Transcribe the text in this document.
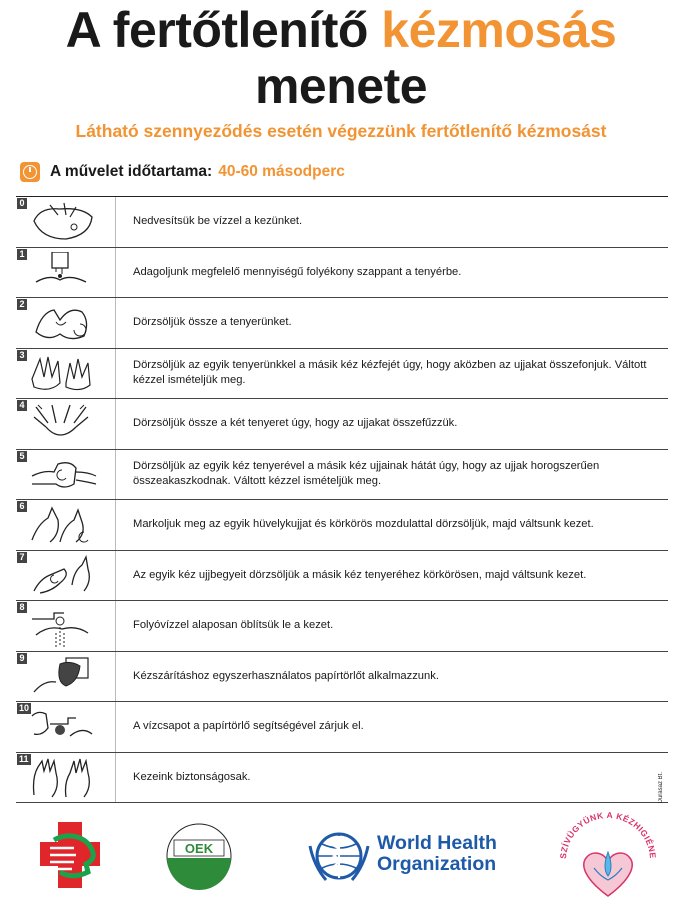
A fertőtlenítő kézmosás
menete
Látható szennyeződés esetén végezzünk fertőtlenítő kézmosást
A művelet időtartama: 40-60 másodperc
0
Nedvesítsük be vízzel a kezünket.
1
Adagoljunk megfelelő mennyiségű folyékony szappant a tenyérbe.
2
Dörzsöljük össze a tenyerünket.
3
Dörzsöljük az egyik tenyerünkkel a másik kéz kézfejét úgy, hogy aközben az ujjakat összefonjuk. Váltott kézzel ismételjük meg.
4
Dörzsöljük össze a két tenyeret úgy, hogy az ujjakat összefűzzük.
5
Dörzsöljük az egyik kéz tenyerével a másik kéz ujjainak hátát úgy, hogy az ujjak horogszerűen összeakaszkodnak. Váltott kézzel ismételjük meg.
6
Markoljuk meg az egyik hüvelykujjat és körkörös mozdulattal dörzsöljük, majd váltsunk kezet.
7
Az egyik kéz ujjbegyeit dörzsöljük a másik kéz tenyeréhez körkörösen, majd váltsunk kezet.
8
Folyóvízzel alaposan öblítsük le a kezet.
9
Kézszárításhoz egyszerhasználatos papírtörlőt alkalmazzunk.
10
A vízcsapot a papírtörlő segítségével zárjuk el.
11
Kezeink biztonságosak.	Durasaz Bt.
OEK	World Health
Organization	SZÍVÜGYÜNK A KÉZHIGIÉNE
